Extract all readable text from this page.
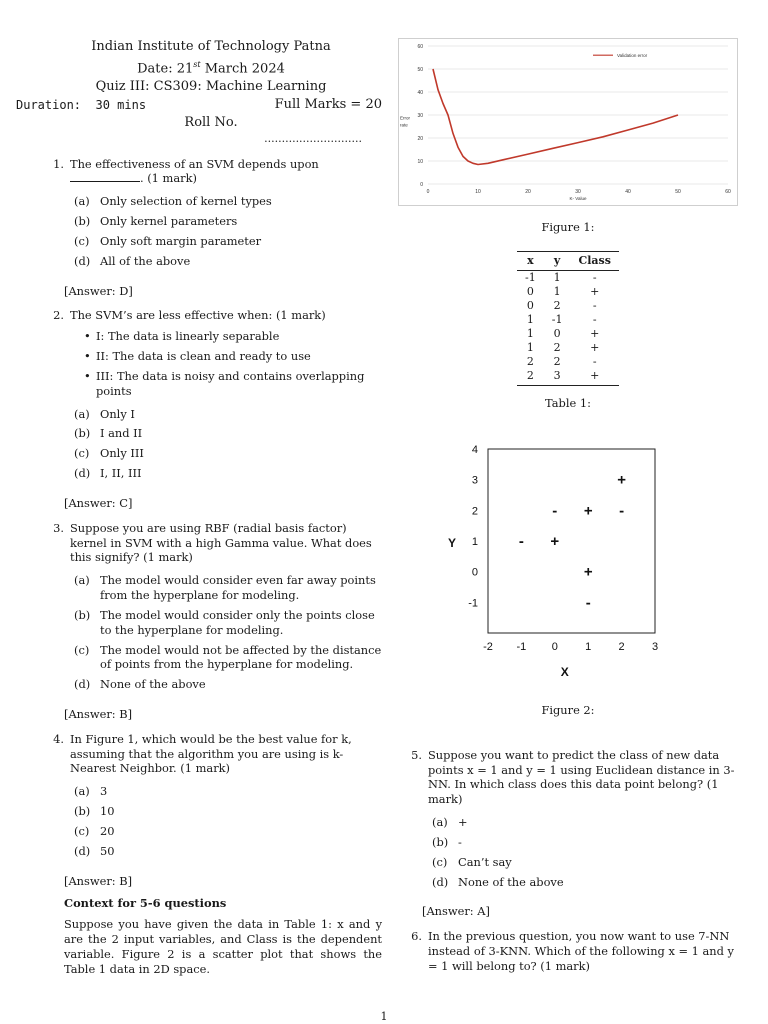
Indian Institute of Technology Patna
Date: 21st March 2024
Quiz III: CS309: Machine Learning
Duration:  30 mins	Full Marks = 20
Roll No.
............................
1. The effectiveness of an SVM depends upon . (1 mark)
(a) Only selection of kernel types
(b) Only kernel parameters
(c) Only soft margin parameter
(d) All of the above
[Answer: D]
2. The SVM’s are less effective when: (1 mark)
• I: The data is linearly separable
• II: The data is clean and ready to use
• III: The data is noisy and contains overlapping points
(a) Only I
(b) I and II
(c) Only III
(d) I, II, III
[Answer: C]
3. Suppose you are using RBF (radial basis factor) kernel in SVM with a high Gamma value. What does this signify? (1 mark)
(a) The model would consider even far away points from the hyperplane for modeling.
(b) The model would consider only the points close to the hyperplane for modeling.
(c) The model would not be affected by the distance of points from the hyperplane for modeling.
(d) None of the above
[Answer: B]
4. In Figure 1, which would be the best value for k, assuming that the algorithm you are using is k-Nearest Neighbor. (1 mark)
(a) 3
(b) 10
(c) 20
(d) 50
[Answer: B]
Context for 5-6 questions
Suppose you have given the data in Table 1: x and y are the 2 input variables, and Class is the dependent variable. Figure 2 is a scatter plot that shows the Table 1 data in 2D space.
0
10
20
30
40
50
60
0	10	20	30	40	50	60
K- Value
Error
rate
Validation error
Figure 1:
x	y	Class
-1	1	-
0	1	+
0	2	-
1	-1	-
1	0	+
1	2	+
2	2	-
2	3	+
Table 1:
-1
0
1
2
3
4
-2 -1 0 1 2 3
X
Y	- +
-
-
+
+ -
+
Figure 2:
5. Suppose you want to predict the class of new data points x = 1 and y = 1 using Euclidean distance in 3-NN. In which class does this data point belong? (1 mark)
(a) +
(b) -
(c) Can’t say
(d) None of the above
[Answer: A]
6. In the previous question, you now want to use 7-NN instead of 3-KNN. Which of the following x = 1 and y = 1 will belong to? (1 mark)
1
